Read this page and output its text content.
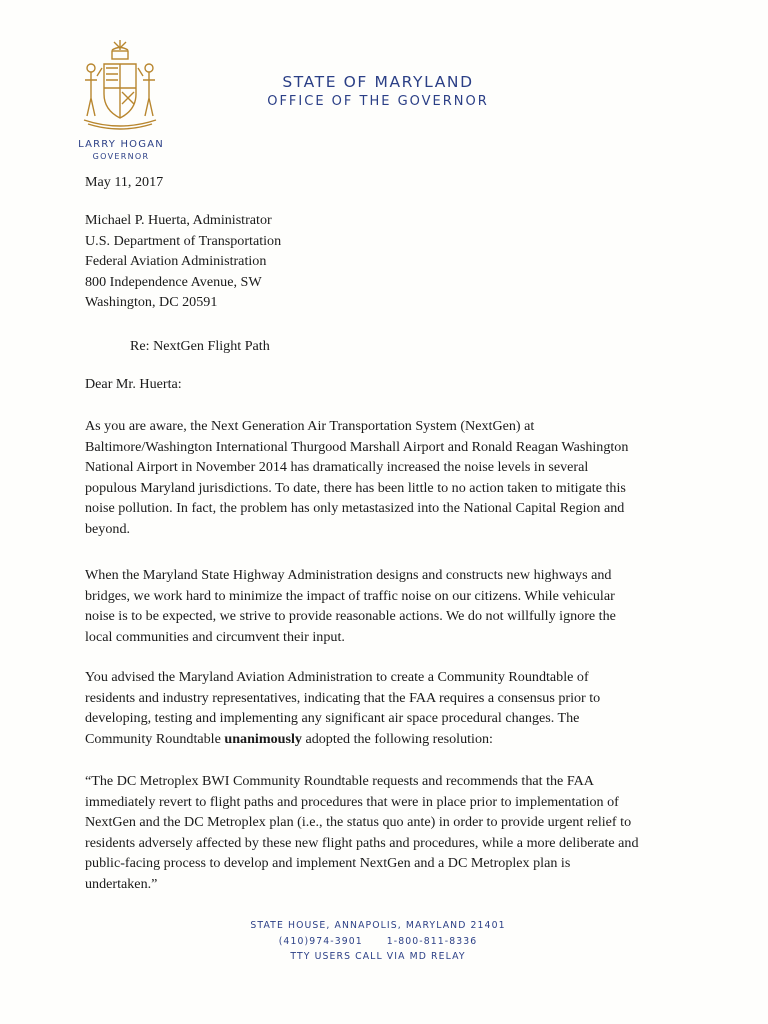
STATE OF MARYLAND
OFFICE OF THE GOVERNOR
LARRY HOGAN
GOVERNOR
May 11, 2017
Michael P. Huerta, Administrator
U.S. Department of Transportation
Federal Aviation Administration
800 Independence Avenue, SW
Washington, DC 20591
Re: NextGen Flight Path
Dear Mr. Huerta:
As you are aware, the Next Generation Air Transportation System (NextGen) at
Baltimore/Washington International Thurgood Marshall Airport and Ronald Reagan Washington
National Airport in November 2014 has dramatically increased the noise levels in several
populous Maryland jurisdictions. To date, there has been little to no action taken to mitigate this
noise pollution. In fact, the problem has only metastasized into the National Capital Region and
beyond.
When the Maryland State Highway Administration designs and constructs new highways and
bridges, we work hard to minimize the impact of traffic noise on our citizens. While vehicular
noise is to be expected, we strive to provide reasonable actions. We do not willfully ignore the
local communities and circumvent their input.
You advised the Maryland Aviation Administration to create a Community Roundtable of
residents and industry representatives, indicating that the FAA requires a consensus prior to
developing, testing and implementing any significant air space procedural changes. The
Community Roundtable unanimously adopted the following resolution:
“The DC Metroplex BWI Community Roundtable requests and recommends that the FAA
immediately revert to flight paths and procedures that were in place prior to implementation of
NextGen and the DC Metroplex plan (i.e., the status quo ante) in order to provide urgent relief to
residents adversely affected by these new flight paths and procedures, while a more deliberate and
public-facing process to develop and implement NextGen and a DC Metroplex plan is
undertaken.”
STATE HOUSE, ANNAPOLIS, MARYLAND 21401
(410)974-3901	1-800-811-8336
TTY USERS CALL VIA MD RELAY
